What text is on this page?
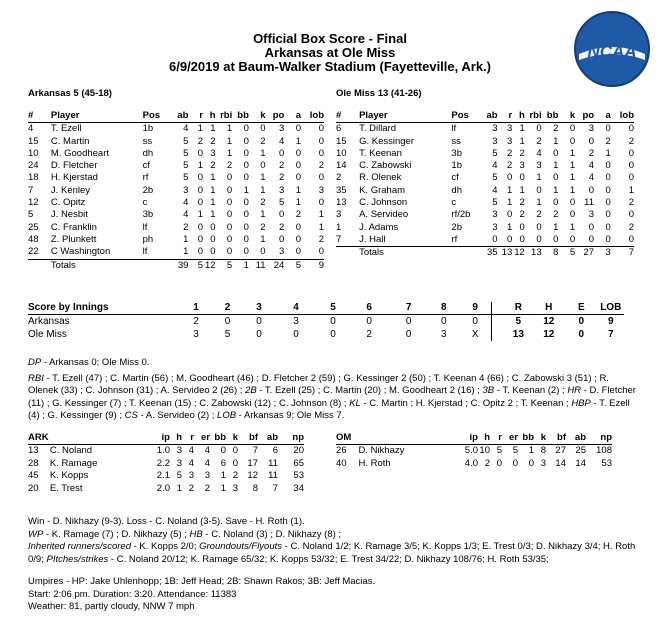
Official Box Score - Final
Arkansas at Ole Miss
6/9/2019 at Baum-Walker Stadium (Fayetteville, Ark.)
NCAA
Arkansas 5 (45-18)	Ole Miss 13 (41-26)
#	Player	Pos	ab	r	h	rbi	bb	k	po	a	lob
4	T. Ezell	1b	4	1	1	1	0	0	3	0	0
15	C. Martin	ss	5	2	2	1	0	2	4	1	0
10	M. Goodheart	dh	5	0	3	1	0	1	0	0	0
24	D. Fletcher	cf	5	1	2	2	0	0	2	0	2
18	H. Kjerstad	rf	5	0	1	0	0	1	2	0	0
7	J. Kenley	2b	3	0	1	0	1	1	3	1	3
12	C. Opitz	c	4	0	1	0	0	2	5	1	0
5	J. Nesbit	3b	4	1	1	0	0	1	0	2	1
25	C. Franklin	lf	2	0	0	0	0	2	2	0	1
48	Z. Plunkett	ph	1	0	0	0	0	1	0	0	2
22	C Washington	lf	1	0	0	0	0	0	3	0	0
	Totals		39	5	12	5	1	11	24	5	9
#	Player	Pos	ab	r	h	rbi	bb	k	po	a	lob
6	T. Dillard	lf	3	3	1	0	2	0	3	0	0
15	G. Kessinger	ss	3	3	1	2	1	0	0	2	2
10	T. Keenan	3b	5	2	2	4	0	1	2	1	0
14	C. Zabowski	1b	4	2	3	3	1	1	4	0	0
2	R. Olenek	cf	5	0	0	1	0	1	4	0	0
35	K. Graham	dh	4	1	1	0	1	1	0	0	1
13	C. Johnson	c	5	1	2	1	0	0	11	0	2
3	A. Servideo	rf/2b	3	0	2	2	2	0	3	0	0
1	J. Adams	2b	3	1	0	0	1	1	0	0	2
7	J. Hall	rf	0	0	0	0	0	0	0	0	0
	Totals		35	13	12	13	8	5	27	3	7
Score by Innings	1	2	3	4	5	6	7	8	9		R	H	E	LOB
Arkansas	2	0	0	3	0	0	0	0	0		5	12	0	9
Ole Miss	3	5	0	0	0	2	0	3	X		13	12	0	7
DP - Arkansas 0; Ole Miss 0.
RBI - T. Ezell (47) ; C. Martin (56) ; M. Goodheart (46) ; D. Fletcher 2 (59) ; G. Kessinger 2 (50) ; T. Keenan 4 (66) ; C. Zabowski 3 (51) ; R. Olenek (33) ; C. Johnson (31) ; A. Servideo 2 (26) ; 2B - T. Ezell (25) ; C. Martin (20) ; M. Goodheart 2 (16) ; 3B - T. Keenan (2) ; HR - D. Fletcher (11) ; G. Kessinger (7) ; T. Keenan (15) ; C. Zabowski (12) ; C. Johnson (8) ; KL - C. Martin ; H. Kjerstad ; C. Opitz 2 ; T. Keenan ; HBP - T. Ezell (4) ; G. Kessinger (9) ; CS - A. Servideo (2) ; LOB - Arkansas 9; Ole Miss 7.
ARK		ip	h	r	er	bb	k	bf	ab	np
13	C. Noland	1.0	3	4	4	0	0	7	6	20
28	K. Ramage	2.2	3	4	4	6	0	17	11	65
45	K. Kopps	2.1	5	3	3	1	2	12	11	53
20	E. Trest	2.0	1	2	2	1	3	8	7	34
OM		ip	h	r	er	bb	k	bf	ab	np
26	D. Nikhazy	5.0	10	5	5	1	8	27	25	108
40	H. Roth	4.0	2	0	0	0	3	14	14	53
Win - D. Nikhazy (9-3). Loss - C. Noland (3-5). Save - H. Roth (1).
WP - K. Ramage (7) ; D. Nikhazy (5) ; HB - C. Noland (3) ; D. Nikhazy (8) ;
Inherited runners/scored - K. Kopps 2/0; Groundouts/Flyouts - C. Noland 1/2; K. Ramage 3/5; K. Kopps 1/3; E. Trest 0/3; D. Nikhazy 3/4; H. Roth 0/9; PItches/strikes - C. Noland 20/12; K. Ramage 65/32; K. Kopps 53/32; E. Trest 34/22; D. Nikhazy 108/76; H. Roth 53/35;
Umpires - HP: Jake Uhlenhopp; 1B: Jeff Head; 2B: Shawn Rakos; 3B: Jeff Macias.
Start: 2:06 pm. Duration: 3:20. Attendance: 11383
Weather: 81, partly cloudy, NNW 7 mph
